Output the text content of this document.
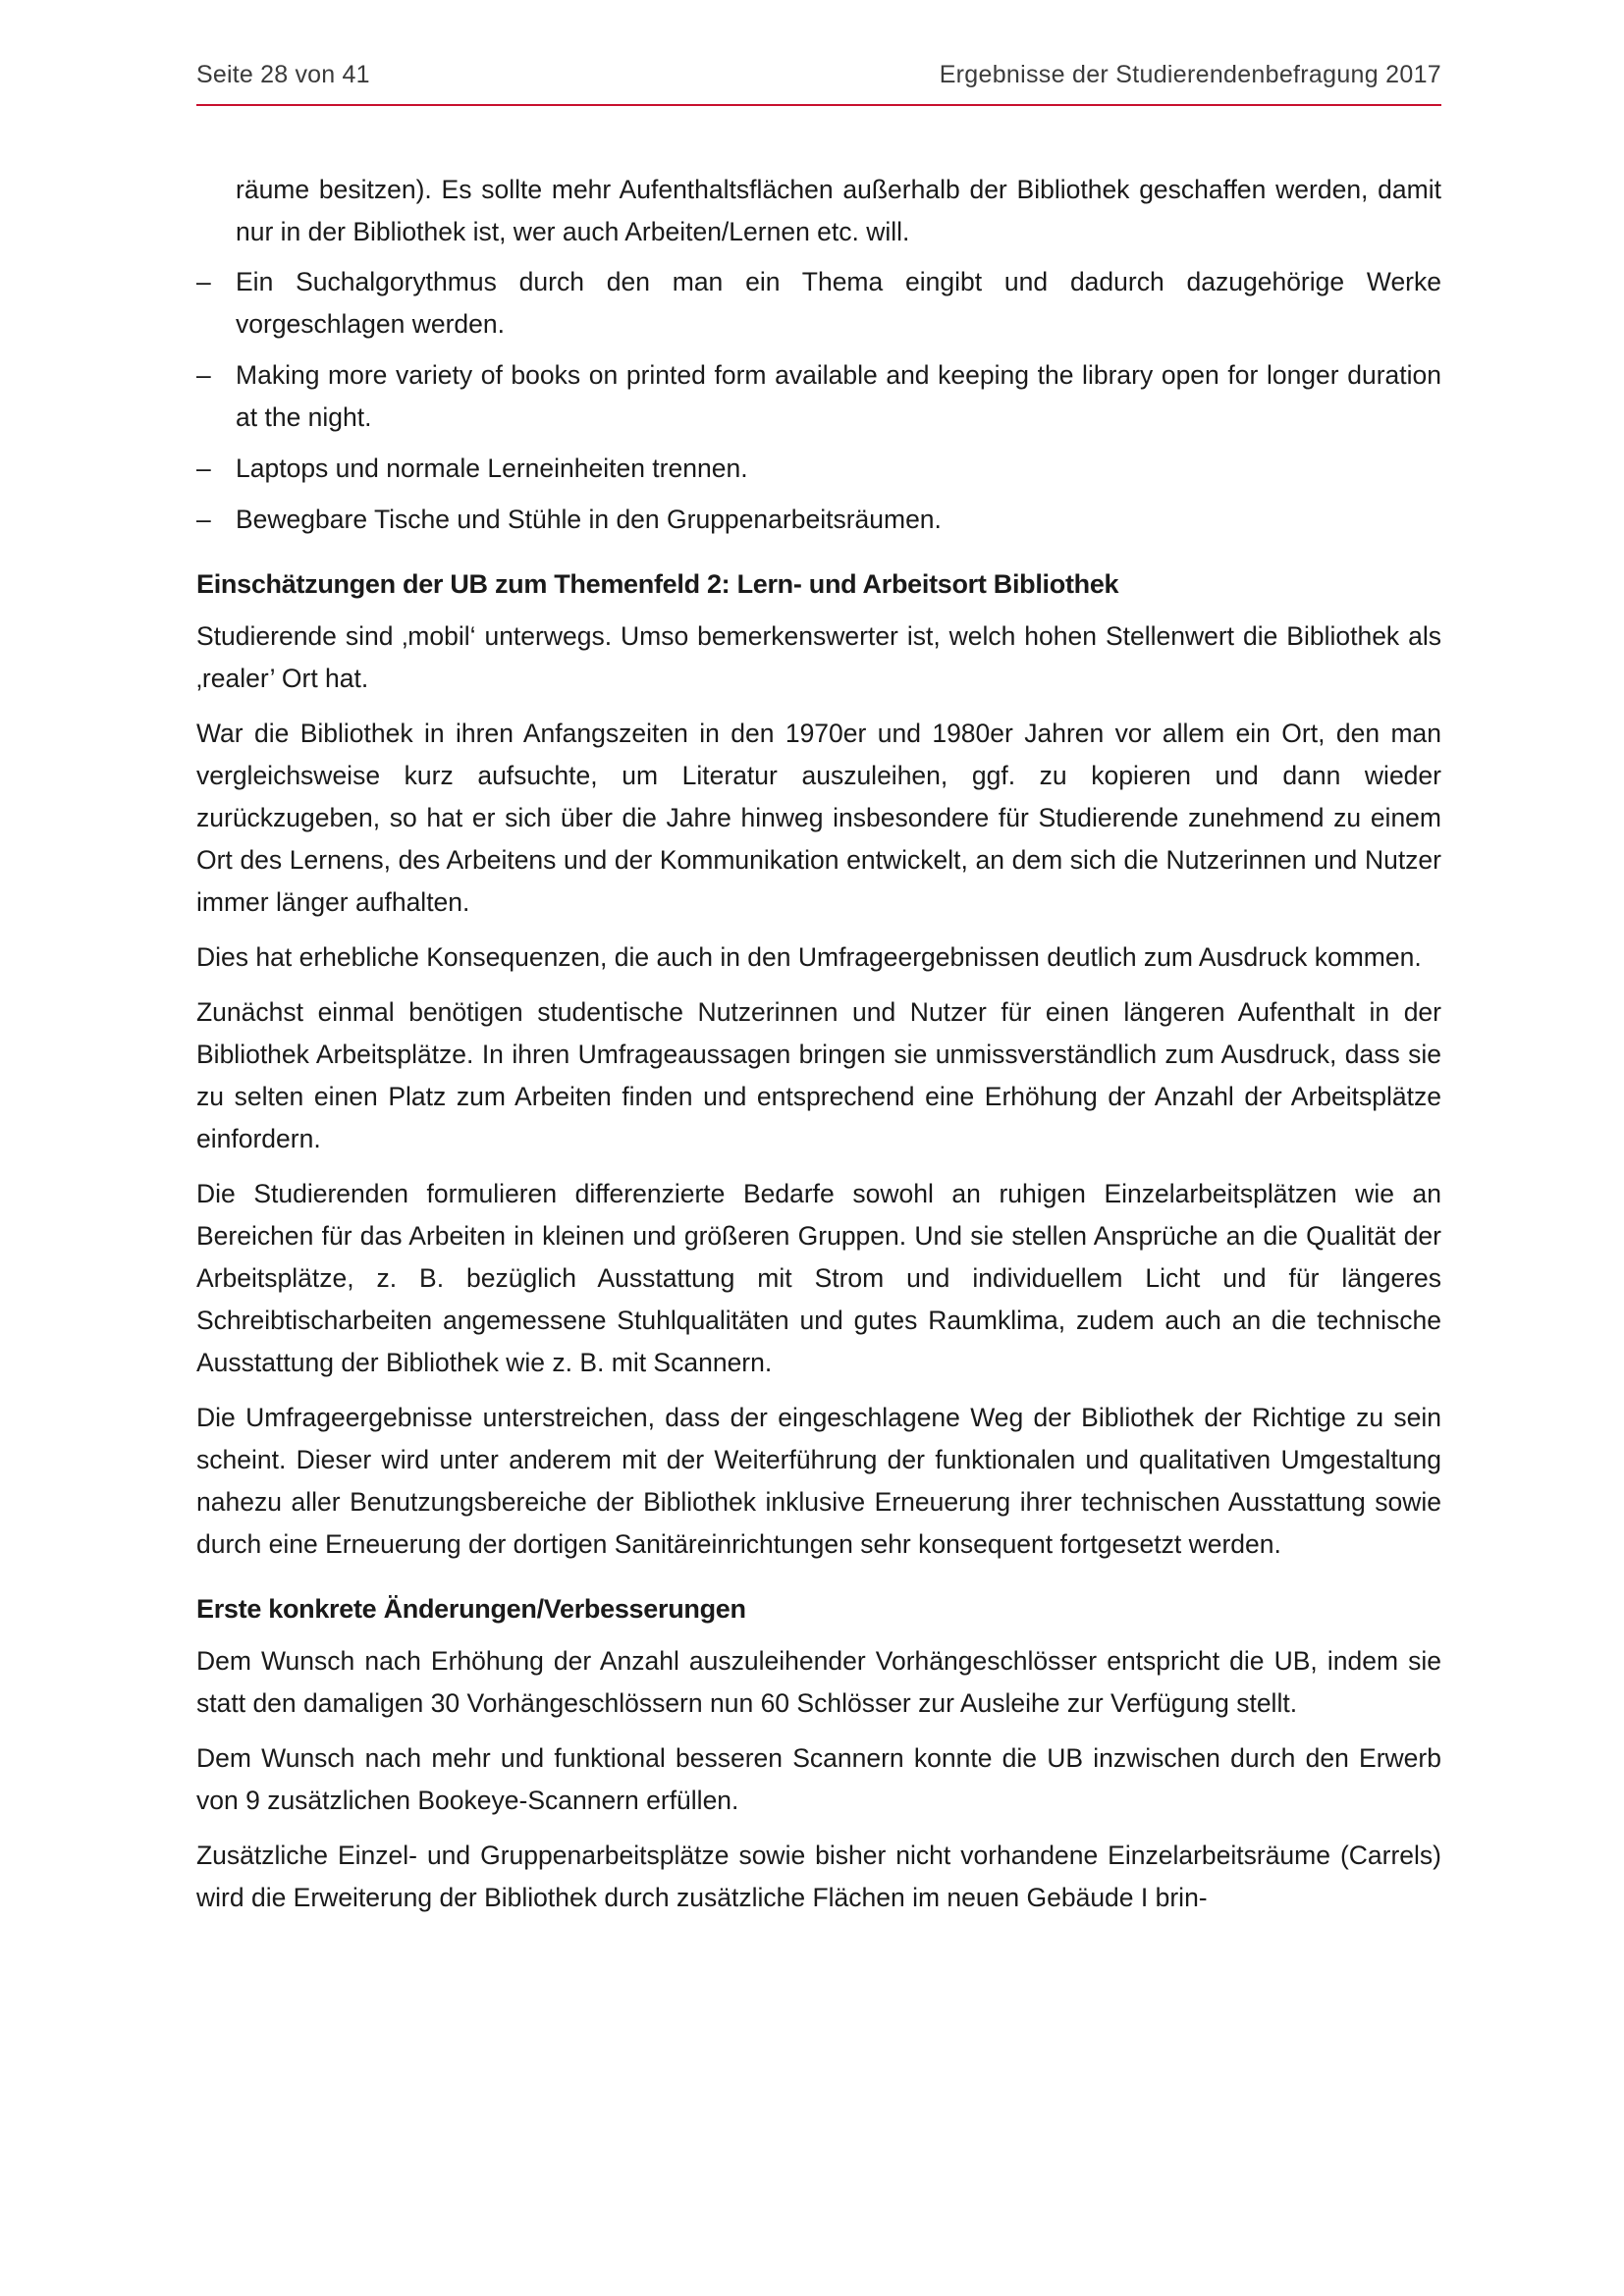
Seite 28 von 41	Ergebnisse der Studierendenbefragung 2017

räume besitzen). Es sollte mehr Aufenthaltsflächen außerhalb der Bibliothek geschaffen werden, damit nur in der Bibliothek ist, wer auch Arbeiten/Lernen etc. will.

– Ein Suchalgorythmus durch den man ein Thema eingibt und dadurch dazugehörige Werke vorgeschlagen werden.
– Making more variety of books on printed form available and keeping the library open for longer duration at the night.
– Laptops und normale Lerneinheiten trennen.
– Bewegbare Tische und Stühle in den Gruppenarbeitsräumen.
Einschätzungen der UB zum Themenfeld 2: Lern- und Arbeitsort Bibliothek

Studierende sind ‚mobil‘ unterwegs. Umso bemerkenswerter ist, welch hohen Stellenwert die Bibliothek als ‚realer’ Ort hat.

War die Bibliothek in ihren Anfangszeiten in den 1970er und 1980er Jahren vor allem ein Ort, den man vergleichsweise kurz aufsuchte, um Literatur auszuleihen, ggf. zu kopieren und dann wieder zurückzugeben, so hat er sich über die Jahre hinweg insbesondere für Studierende zunehmend zu einem Ort des Lernens, des Arbeitens und der Kommunikation entwickelt, an dem sich die Nutzerinnen und Nutzer immer länger aufhalten.

Dies hat erhebliche Konsequenzen, die auch in den Umfrageergebnissen deutlich zum Ausdruck kommen.

Zunächst einmal benötigen studentische Nutzerinnen und Nutzer für einen längeren Aufenthalt in der Bibliothek Arbeitsplätze. In ihren Umfrageaussagen bringen sie unmissverständlich zum Ausdruck, dass sie zu selten einen Platz zum Arbeiten finden und entsprechend eine Erhöhung der Anzahl der Arbeitsplätze einfordern.

Die Studierenden formulieren differenzierte Bedarfe sowohl an ruhigen Einzelarbeitsplätzen wie an Bereichen für das Arbeiten in kleinen und größeren Gruppen. Und sie stellen Ansprüche an die Qualität der Arbeitsplätze, z. B. bezüglich Ausstattung mit Strom und individuellem Licht und für längeres Schreibtischarbeiten angemessene Stuhlqualitäten und gutes Raumklima, zudem auch an die technische Ausstattung der Bibliothek wie z. B. mit Scannern.

Die Umfrageergebnisse unterstreichen, dass der eingeschlagene Weg der Bibliothek der Richtige zu sein scheint. Dieser wird unter anderem mit der Weiterführung der funktionalen und qualitativen Umgestaltung nahezu aller Benutzungsbereiche der Bibliothek inklusive Erneuerung ihrer technischen Ausstattung sowie durch eine Erneuerung der dortigen Sanitäreinrichtungen sehr konsequent fortgesetzt werden.

Erste konkrete Änderungen/Verbesserungen

Dem Wunsch nach Erhöhung der Anzahl auszuleihender Vorhängeschlösser entspricht die UB, indem sie statt den damaligen 30 Vorhängeschlössern nun 60 Schlösser zur Ausleihe zur Verfügung stellt.

Dem Wunsch nach mehr und funktional besseren Scannern konnte die UB inzwischen durch den Erwerb von 9 zusätzlichen Bookeye-Scannern erfüllen.

Zusätzliche Einzel- und Gruppenarbeitsplätze sowie bisher nicht vorhandene Einzelarbeitsräume (Carrels) wird die Erweiterung der Bibliothek durch zusätzliche Flächen im neuen Gebäude I brin-
